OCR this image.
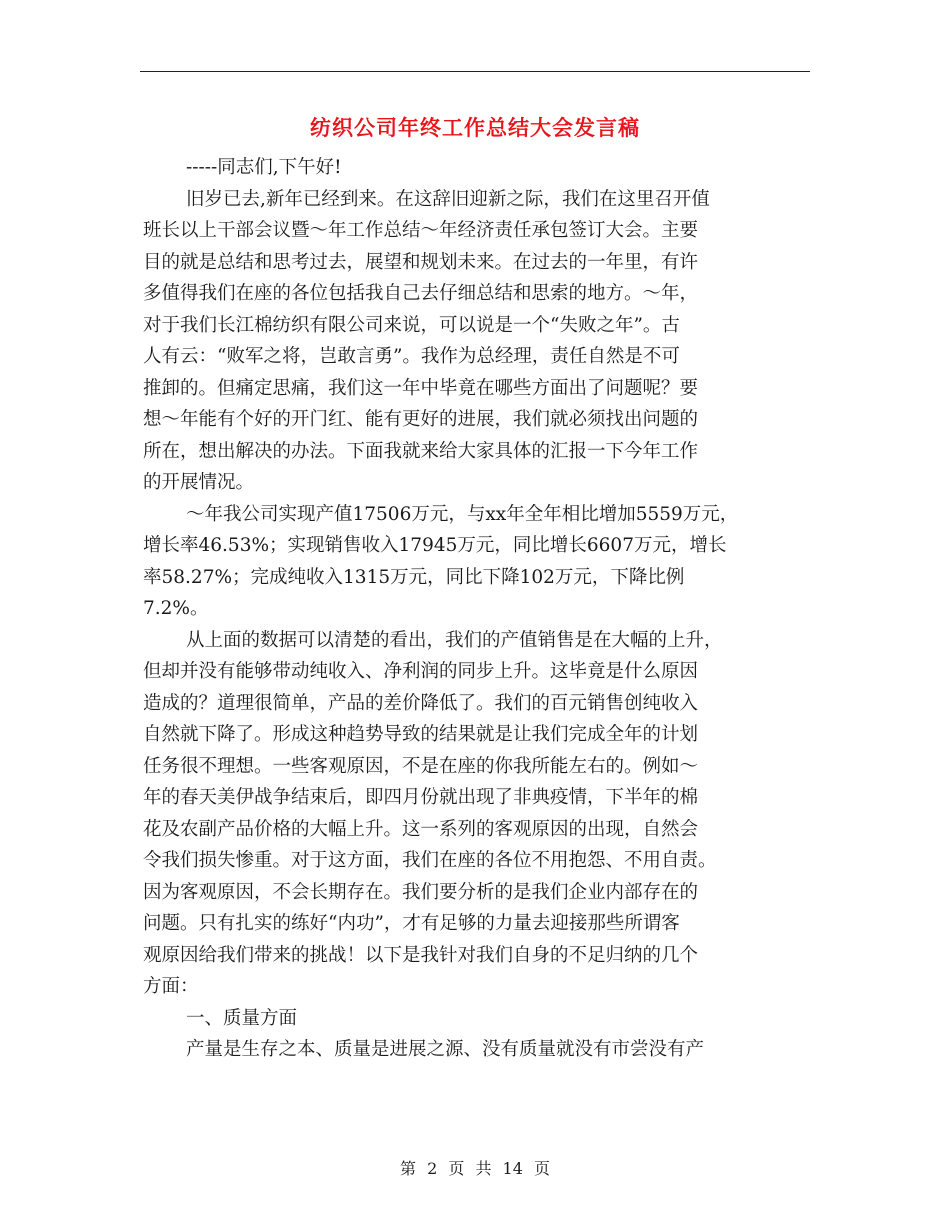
纺织公司年终工作总结大会发言稿
-----同志们,下午好!
旧岁已去,新年已经到来。在这辞旧迎新之际，我们在这里召开值
班长以上干部会议暨～年工作总结～年经济责任承包签订大会。主要
目的就是总结和思考过去，展望和规划未来。在过去的一年里，有许
多值得我们在座的各位包括我自己去仔细总结和思索的地方。～年，
对于我们长江棉纺织有限公司来说，可以说是一个“失败之年”。古
人有云：“败军之将，岂敢言勇”。我作为总经理，责任自然是不可
推卸的。但痛定思痛，我们这一年中毕竟在哪些方面出了问题呢？要
想～年能有个好的开门红、能有更好的进展，我们就必须找出问题的
所在，想出解决的办法。下面我就来给大家具体的汇报一下今年工作
的开展情况。
～年我公司实现产值17506万元，与xx年全年相比增加5559万元，
增长率46.53%；实现销售收入17945万元，同比增长6607万元，增长
率58.27%；完成纯收入1315万元，同比下降102万元，下降比例
7.2%。
从上面的数据可以清楚的看出，我们的产值销售是在大幅的上升，
但却并没有能够带动纯收入、净利润的同步上升。这毕竟是什么原因
造成的？道理很简单，产品的差价降低了。我们的百元销售创纯收入
自然就下降了。形成这种趋势导致的结果就是让我们完成全年的计划
任务很不理想。一些客观原因，不是在座的你我所能左右的。例如～
年的春天美伊战争结束后，即四月份就出现了非典疫情，下半年的棉
花及农副产品价格的大幅上升。这一系列的客观原因的出现，自然会
令我们损失惨重。对于这方面，我们在座的各位不用抱怨、不用自责。
因为客观原因，不会长期存在。我们要分析的是我们企业内部存在的
问题。只有扎实的练好“内功”，才有足够的力量去迎接那些所谓客
观原因给我们带来的挑战！以下是我针对我们自身的不足归纳的几个
方面：
一、质量方面
产量是生存之本、质量是进展之源、没有质量就没有市尝没有产
第 2 页 共 14 页
